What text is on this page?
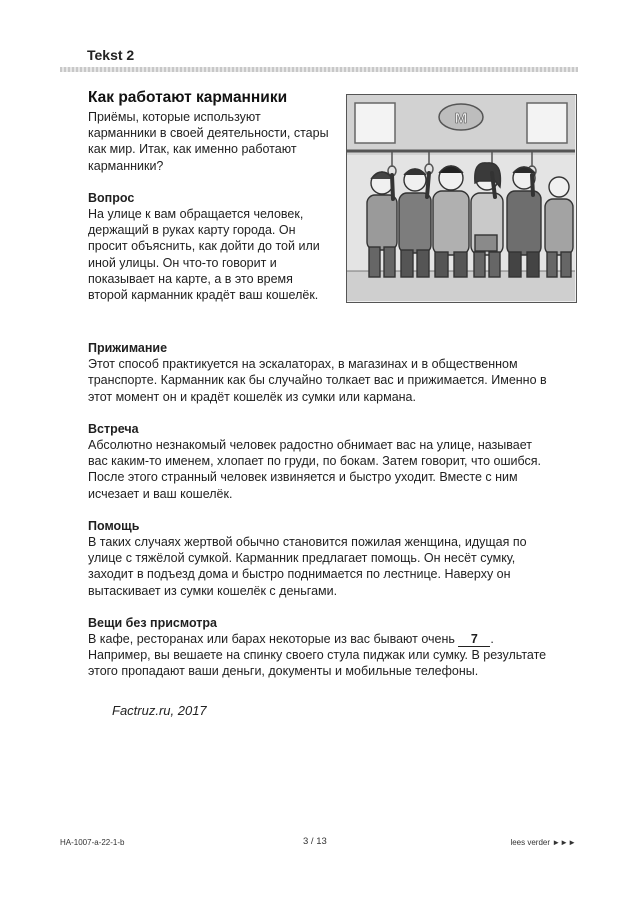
Tekst 2
Как работают карманники

Приёмы, которые используют карманники в своей деятельности, стары как мир. Итак, как именно работают карманники?

Вопрос

На улице к вам обращается человек, держащий в руках карту города. Он просит объяснить, как дойти до той или иной улицы. Он что-то говорит и показывает на карте, а в это время второй карманник крадёт ваш кошелёк.

M

Прижимание

Этот способ практикуется на эскалаторах, в магазинах и в общественном транспорте. Карманник как бы случайно толкает вас и прижимается. Именно в этот момент он и крадёт кошелёк из сумки или кармана.

Встреча

Абсолютно незнакомый человек радостно обнимает вас на улице, называет вас каким-то именем, хлопает по груди, по бокам. Затем говорит, что ошибся. После этого странный человек извиняется и быстро уходит. Вместе с ним исчезает и ваш кошелёк.

Помощь

В таких случаях жертвой обычно становится пожилая женщина, идущая по улице с тяжёлой сумкой. Карманник предлагает помощь. Он несёт сумку, заходит в подъезд дома и быстро поднимается по лестнице. Наверху он вытаскивает из сумки кошелёк с деньгами.

Вещи без присмотра

В кафе, ресторанах или барах некоторые из вас бывают очень 7 . Например, вы вешаете на спинку своего стула пиджак или сумку. В результате этого пропадают ваши деньги, документы и мобильные телефоны.

Factruz.ru, 2017
HA-1007-a-22-1-b	3 / 13	lees verder ►►►
